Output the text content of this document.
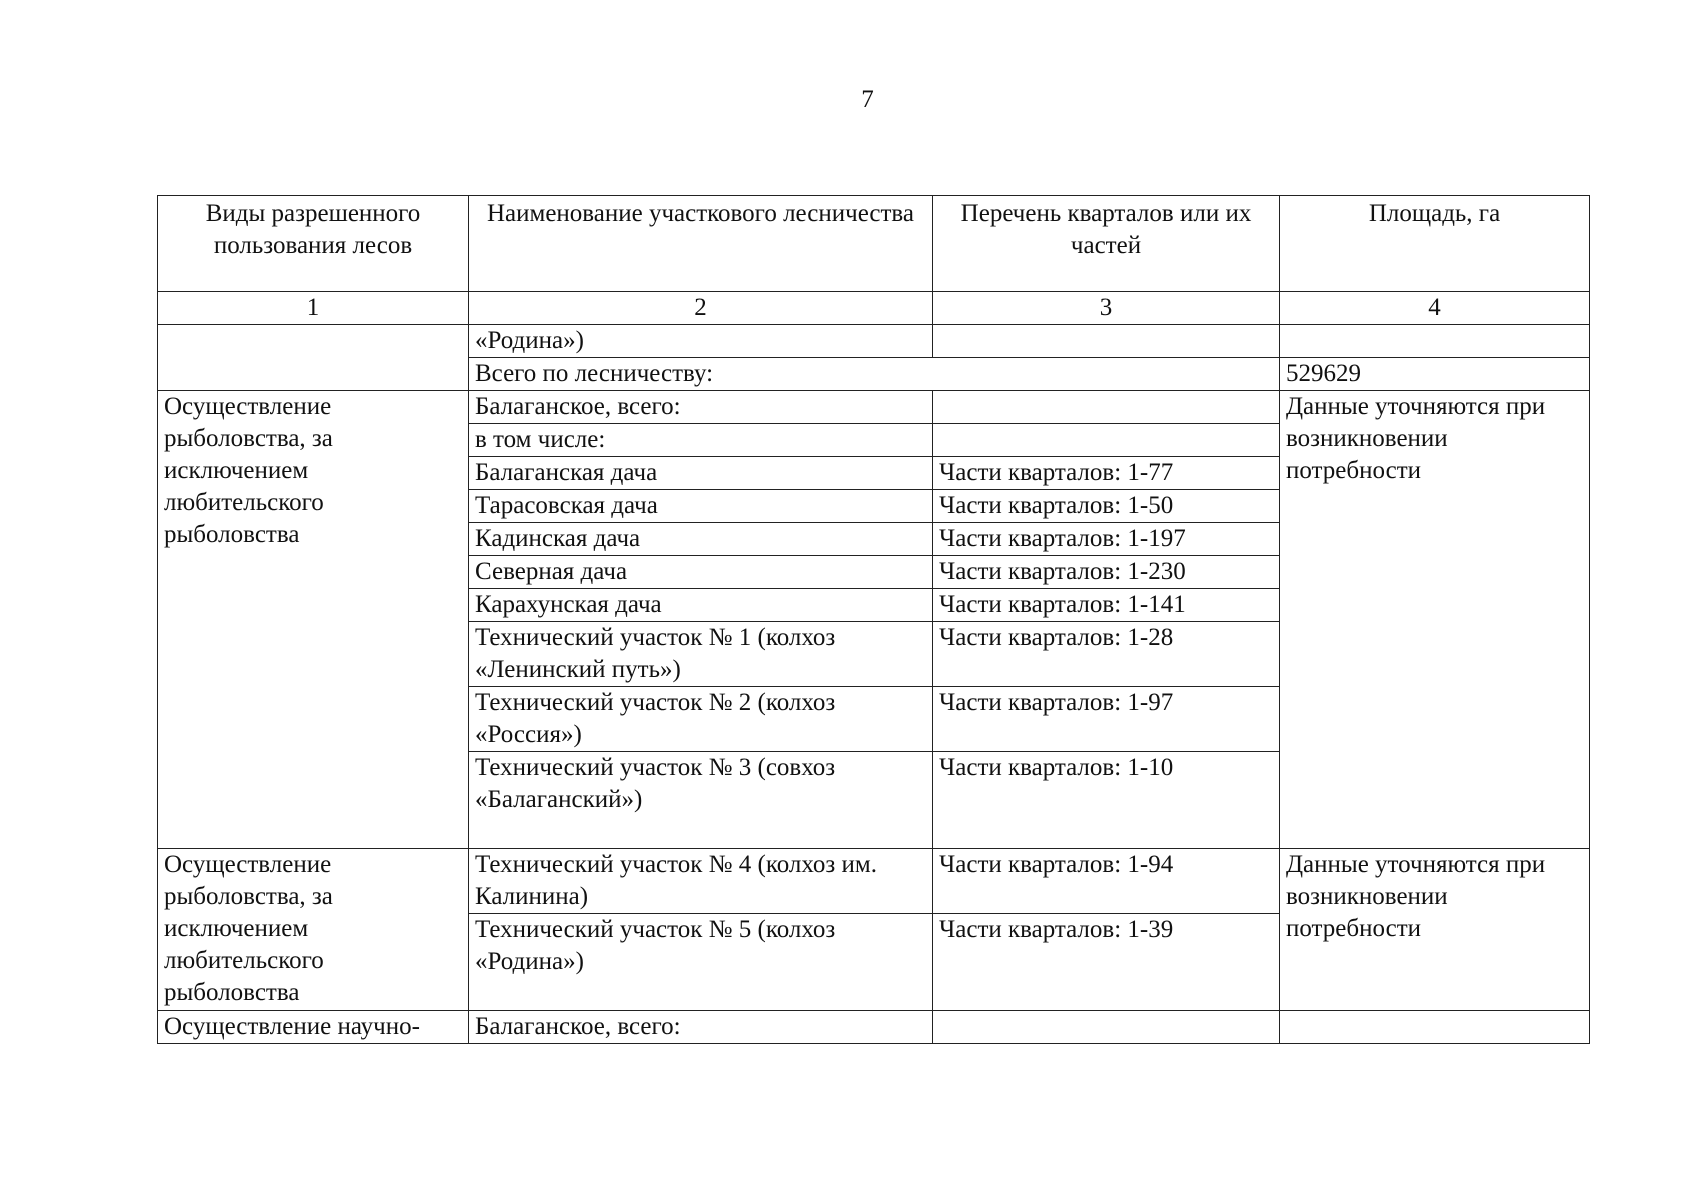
7
Виды разрешенного пользования лесов	Наименование участкового лесничества	Перечень кварталов или их частей	Площадь, га
1	2	3	4
	«Родина»)		
	Всего по лесничеству:		529629
Осуществление рыболовства, за исключением любительского рыболовства	Балаганское, всего:		Данные уточняются при возникновении потребности
	в том числе:		
	Балаганская дача	Части кварталов: 1-77	
	Тарасовская дача	Части кварталов: 1-50	
	Кадинская дача	Части кварталов: 1-197	
	Северная дача	Части кварталов: 1-230	
	Карахунская дача	Части кварталов: 1-141	
	Технический участок № 1 (колхоз «Ленинский путь»)	Части кварталов: 1-28	
	Технический участок № 2 (колхоз «Россия»)	Части кварталов: 1-97	
	Технический участок № 3 (совхоз «Балаганский»)	Части кварталов: 1-10	
Осуществление рыболовства, за исключением любительского рыболовства	Технический участок № 4 (колхоз им. Калинина)	Части кварталов: 1-94	Данные уточняются при возникновении потребности
	Технический участок № 5 (колхоз «Родина»)	Части кварталов: 1-39	
Осуществление научно-	Балаганское, всего:		
